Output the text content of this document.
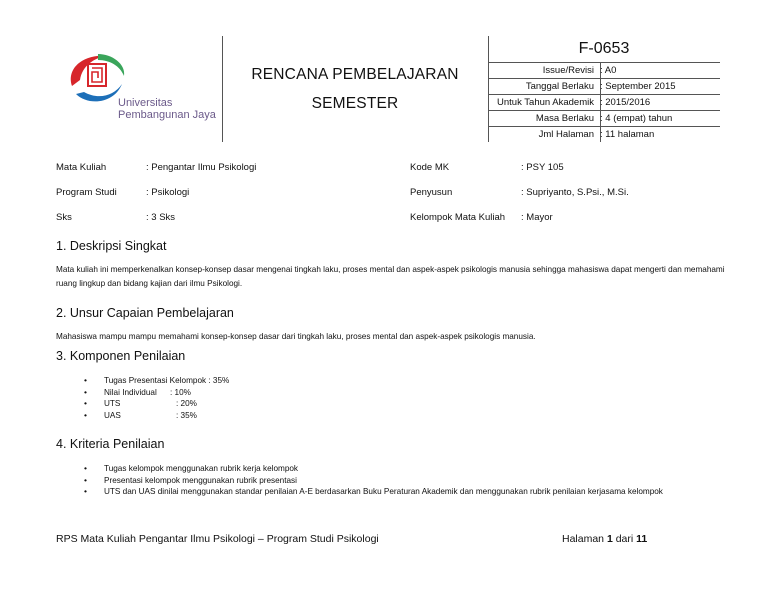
Universitas
Pembangunan Jaya
RENCANA PEMBELAJARAN
SEMESTER
F-0653
Issue/Revisi : A0
Tanggal Berlaku : September 2015
Untuk Tahun Akademik : 2015/2016
Masa Berlaku : 4 (empat) tahun
Jml Halaman : 11 halaman
Mata Kuliah	: Pengantar Ilmu Psikologi	Kode MK	: PSY 105
Program Studi	: Psikologi	Penyusun	: Supriyanto, S.Psi., M.Si.
Sks	: 3 Sks	Kelompok Mata Kuliah : Mayor
1. Deskripsi Singkat
Mata kuliah ini memperkenalkan konsep-konsep dasar mengenai tingkah laku, proses mental dan aspek-aspek psikologis manusia sehingga mahasiswa dapat mengerti dan memahami ruang lingkup dan bidang kajian dari ilmu Psikologi.
2. Unsur Capaian Pembelajaran
Mahasiswa mampu mampu memahami konsep-konsep dasar dari tingkah laku, proses mental dan aspek-aspek psikologis manusia.
3. Komponen Penilaian
• Tugas Presentasi Kelompok : 35%
• Nilai Individual : 10%
• UTS	: 20%
• UAS	: 35%
4. Kriteria Penilaian
• Tugas kelompok menggunakan rubrik kerja kelompok
• Presentasi kelompok menggunakan rubrik presentasi
• UTS dan UAS dinilai menggunakan standar penilaian A-E berdasarkan Buku Peraturan Akademik dan menggunakan rubrik penilaian kerjasama kelompok
RPS Mata Kuliah Pengantar Ilmu Psikologi – Program Studi Psikologi	Halaman 1 dari 11
